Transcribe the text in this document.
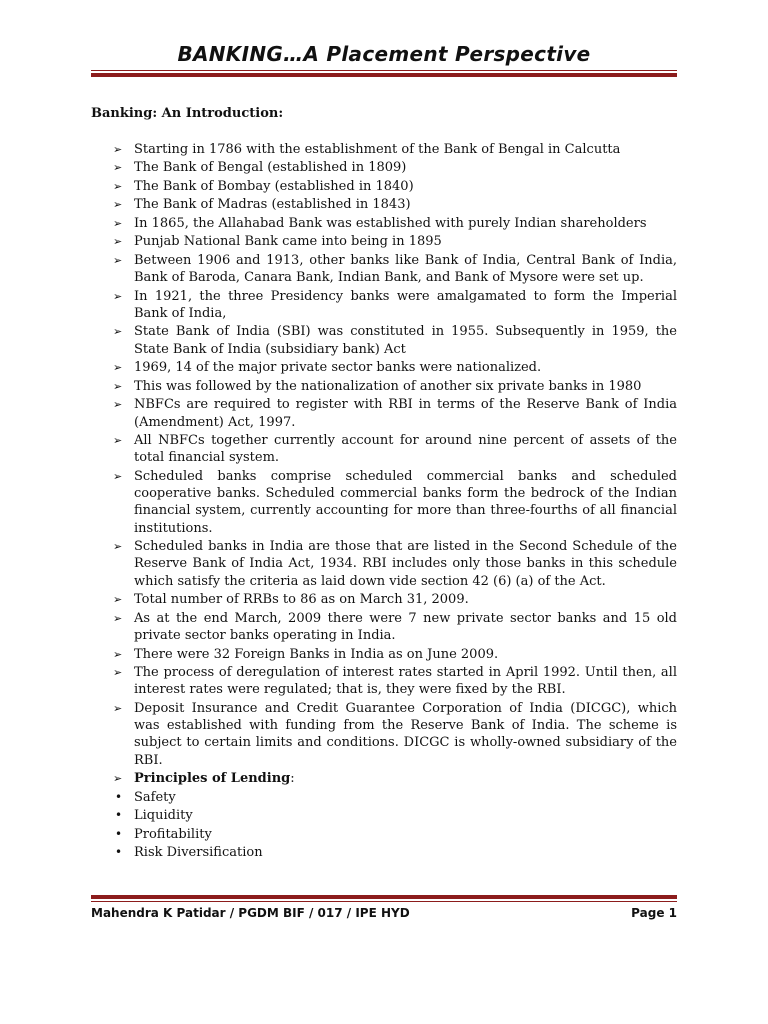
BANKING…A Placement Perspective
Banking: An Introduction:
➢ Starting in 1786 with the establishment of the Bank of Bengal in Calcutta
➢ The Bank of Bengal (established in 1809)
➢ The Bank of Bombay (established in 1840)
➢ The Bank of Madras (established in 1843)
➢ In 1865, the Allahabad Bank was established with purely Indian shareholders
➢ Punjab National Bank came into being in 1895
➢ Between 1906 and 1913, other banks like Bank of India, Central Bank of India, Bank of Baroda, Canara Bank, Indian Bank, and Bank of Mysore were set up.
➢ In 1921, the three Presidency banks were amalgamated to form the Imperial Bank of India,
➢ State Bank of India (SBI) was constituted in 1955. Subsequently in 1959, the State Bank of India (subsidiary bank) Act
➢ 1969, 14 of the major private sector banks were nationalized.
➢ This was followed by the nationalization of another six private banks in 1980
➢ NBFCs are required to register with RBI in terms of the Reserve Bank of India (Amendment) Act, 1997.
➢ All NBFCs together currently account for around nine percent of assets of the total financial system.
➢ Scheduled banks comprise scheduled commercial banks and scheduled cooperative banks. Scheduled commercial banks form the bedrock of the Indian financial system, currently accounting for more than three-fourths of all financial institutions.
➢ Scheduled banks in India are those that are listed in the Second Schedule of the Reserve Bank of India Act, 1934. RBI includes only those banks in this schedule which satisfy the criteria as laid down vide section 42 (6) (a) of the Act.
➢ Total number of RRBs to 86 as on March 31, 2009.
➢ As at the end March, 2009 there were 7 new private sector banks and 15 old private sector banks operating in India.
➢ There were 32 Foreign Banks in India as on June 2009.
➢ The process of deregulation of interest rates started in April 1992. Until then, all interest rates were regulated; that is, they were fixed by the RBI.
➢ Deposit Insurance and Credit Guarantee Corporation of India (DICGC), which was established with funding from the Reserve Bank of India. The scheme is subject to certain limits and conditions. DICGC is wholly-owned subsidiary of the RBI.
➢ Principles of Lending:
• Safety
• Liquidity
• Profitability
• Risk Diversification
Mahendra K Patidar / PGDM BIF / 017 / IPE HYD	Page 1
